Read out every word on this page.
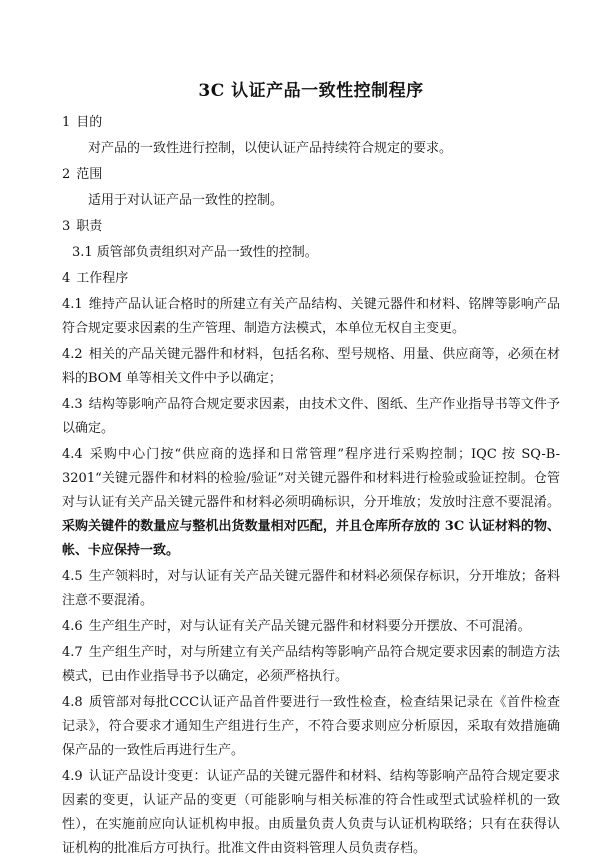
3C 认证产品一致性控制程序

1 目的

对产品的一致性进行控制，以使认证产品持续符合规定的要求。

2 范围

适用于对认证产品一致性的控制。

3 职责

3.1 质管部负责组织对产品一致性的控制。

4 工作程序

4.1 维持产品认证合格时的所建立有关产品结构、关键元器件和材料、铭牌等影响产品符合规定要求因素的生产管理、制造方法模式，本单位无权自主变更。

4.2 相关的产品关键元器件和材料，包括名称、型号规格、用量、供应商等，必须在材料的BOM 单等相关文件中予以确定；

4.3 结构等影响产品符合规定要求因素，由技术文件、图纸、生产作业指导书等文件予以确定。

4.4 采购中心门按“供应商的选择和日常管理”程序进行采购控制；IQC 按 SQ-B-3201“关键元器件和材料的检验/验证”对关键元器件和材料进行检验或验证控制。仓管对与认证有关产品关键元器件和材料必须明确标识，分开堆放；发放时注意不要混淆。采购关键件的数量应与整机出货数量相对匹配，并且仓库所存放的 3C 认证材料的物、帐、卡应保持一致。

4.5 生产领料时，对与认证有关产品关键元器件和材料必须保存标识，分开堆放；备料注意不要混淆。

4.6 生产组生产时，对与认证有关产品关键元器件和材料要分开摆放、不可混淆。

4.7 生产组生产时，对与所建立有关产品结构等影响产品符合规定要求因素的制造方法模式，已由作业指导书予以确定，必须严格执行。

4.8 质管部对每批CCC认证产品首件要进行一致性检查，检查结果记录在《首件检查记录》，符合要求才通知生产组进行生产，不符合要求则应分析原因，采取有效措施确保产品的一致性后再进行生产。

4.9 认证产品设计变更：认证产品的关键元器件和材料、结构等影响产品符合规定要求因素的变更，认证产品的变更（可能影响与相关标准的符合性或型式试验样机的一致性），在实施前应向认证机构申报。由质量负责人负责与认证机构联络；只有在获得认证机构的批准后方可执行。批准文件由资料管理人员负责存档。
